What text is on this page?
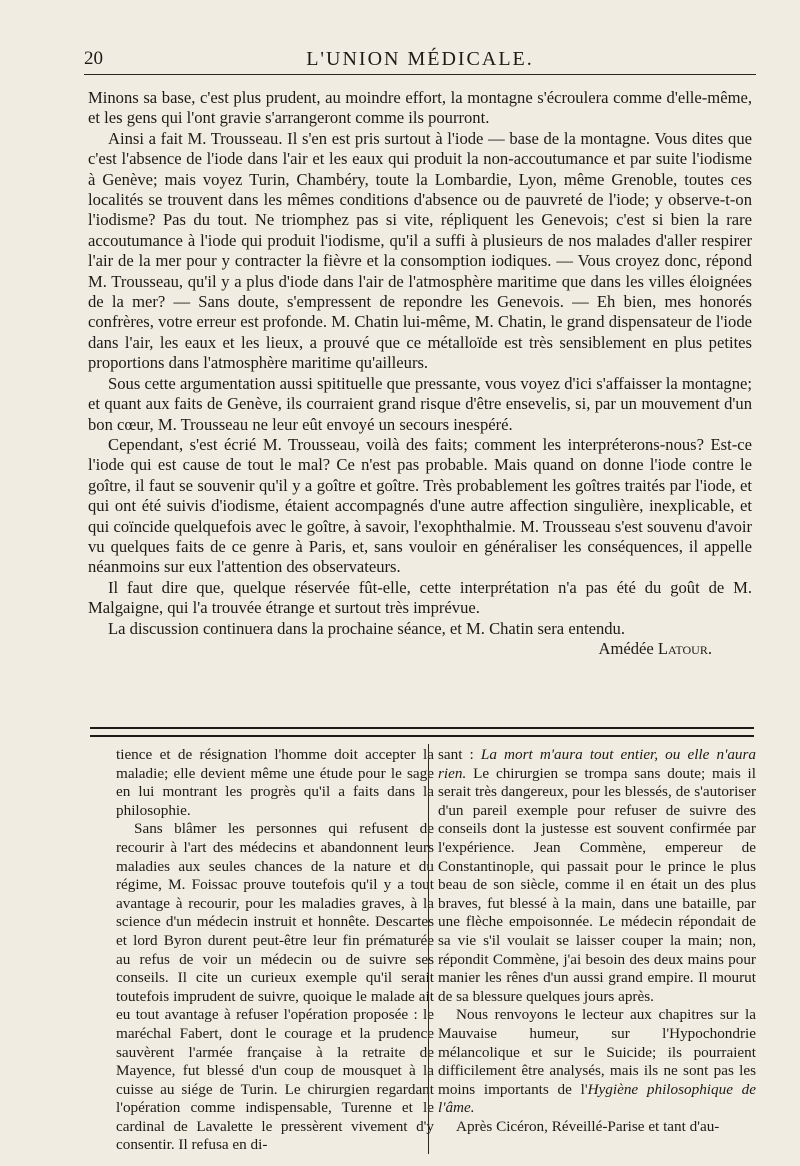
20	L'UNION MÉDICALE.

Minons sa base, c'est plus prudent, au moindre effort, la montagne s'écroulera comme d'elle-même, et les gens qui l'ont gravie s'arrangeront comme ils pourront.

Ainsi a fait M. Trousseau. Il s'en est pris surtout à l'iode — base de la montagne. Vous dites que c'est l'absence de l'iode dans l'air et les eaux qui produit la non-accoutumance et par suite l'iodisme à Genève; mais voyez Turin, Chambéry, toute la Lombardie, Lyon, même Grenoble, toutes ces localités se trouvent dans les mêmes conditions d'absence ou de pauvreté de l'iode; y observe-t-on l'iodisme? Pas du tout. Ne triomphez pas si vite, répliquent les Genevois; c'est si bien la rare accoutumance à l'iode qui produit l'iodisme, qu'il a suffi à plusieurs de nos malades d'aller respirer l'air de la mer pour y contracter la fièvre et la consomption iodiques. — Vous croyez donc, répond M. Trousseau, qu'il y a plus d'iode dans l'air de l'atmosphère maritime que dans les villes éloignées de la mer? — Sans doute, s'empressent de repondre les Genevois. — Eh bien, mes honorés confrères, votre erreur est profonde. M. Chatin lui-même, M. Chatin, le grand dispensateur de l'iode dans l'air, les eaux et les lieux, a prouvé que ce métalloïde est très sensiblement en plus petites proportions dans l'atmosphère maritime qu'ailleurs.

Sous cette argumentation aussi spitituelle que pressante, vous voyez d'ici s'affaisser la montagne; et quant aux faits de Genève, ils courraient grand risque d'être ensevelis, si, par un mouvement d'un bon cœur, M. Trousseau ne leur eût envoyé un secours inespéré.

Cependant, s'est écrié M. Trousseau, voilà des faits; comment les interpréterons-nous? Est-ce l'iode qui est cause de tout le mal? Ce n'est pas probable. Mais quand on donne l'iode contre le goître, il faut se souvenir qu'il y a goître et goître. Très probablement les goîtres traités par l'iode, et qui ont été suivis d'iodisme, étaient accompagnés d'une autre affection singulière, inexplicable, et qui coïncide quelquefois avec le goître, à savoir, l'exophthalmie. M. Trousseau s'est souvenu d'avoir vu quelques faits de ce genre à Paris, et, sans vouloir en généraliser les conséquences, il appelle néanmoins sur eux l'attention des observateurs.

Il faut dire que, quelque réservée fût-elle, cette interprétation n'a pas été du goût de M. Malgaigne, qui l'a trouvée étrange et surtout très imprévue.

La discussion continuera dans la prochaine séance, et M. Chatin sera entendu.

Amédée Latour.

tience et de résignation l'homme doit accepter la maladie; elle devient même une étude pour le sage en lui montrant les progrès qu'il a faits dans la philosophie.

Sans blâmer les personnes qui refusent de recourir à l'art des médecins et abandonnent leurs maladies aux seules chances de la nature et du régime, M. Foissac prouve toutefois qu'il y a tout avantage à recourir, pour les maladies graves, à la science d'un médecin instruit et honnête. Descartes et lord Byron durent peut-être leur fin prématurée au refus de voir un médecin ou de suivre ses conseils. Il cite un curieux exemple qu'il serait toutefois imprudent de suivre, quoique le malade ait eu tout avantage à refuser l'opération proposée : le maréchal Fabert, dont le courage et la prudence sauvèrent l'armée française à la retraite de Mayence, fut blessé d'un coup de mousquet à la cuisse au siége de Turin. Le chirurgien regardant l'opération comme indispensable, Turenne et le cardinal de Lavalette le pressèrent vivement d'y consentir. Il refusa en di-

sant : La mort m'aura tout entier, ou elle n'aura rien. Le chirurgien se trompa sans doute; mais il serait très dangereux, pour les blessés, de s'autoriser d'un pareil exemple pour refuser de suivre des conseils dont la justesse est souvent confirmée par l'expérience. Jean Commène, empereur de Constantinople, qui passait pour le prince le plus beau de son siècle, comme il en était un des plus braves, fut blessé à la main, dans une bataille, par une flèche empoisonnée. Le médecin répondait de sa vie s'il voulait se laisser couper la main; non, répondit Commène, j'ai besoin des deux mains pour manier les rênes d'un aussi grand empire. Il mourut de sa blessure quelques jours après.

Nous renvoyons le lecteur aux chapitres sur la Mauvaise humeur, sur l'Hypochondrie mélancolique et sur le Suicide; ils pourraient difficilement être analysés, mais ils ne sont pas les moins importants de l'Hygiène philosophique de l'âme.

Après Cicéron, Réveillé-Parise et tant d'au-
